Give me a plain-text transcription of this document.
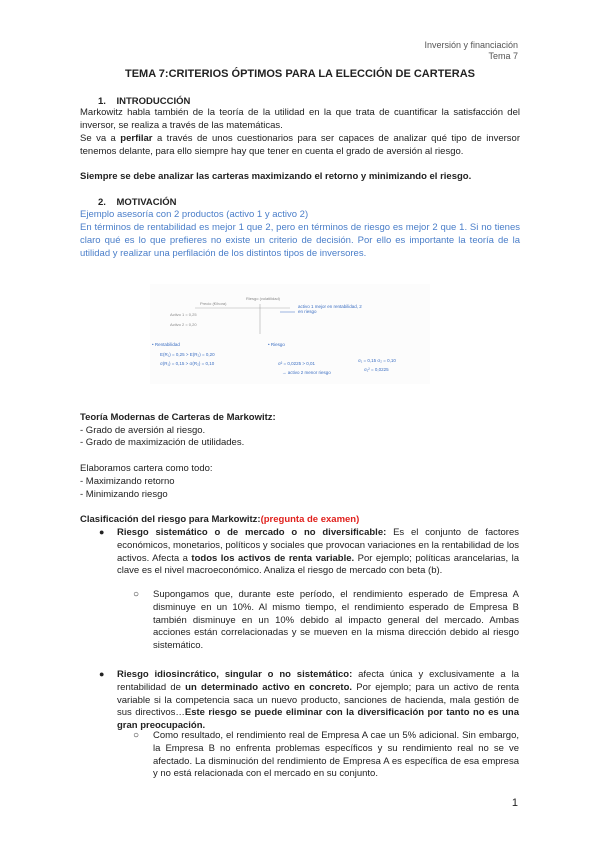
Inversión y financiación
Tema 7
TEMA 7:CRITERIOS ÓPTIMOS PARA LA ELECCIÓN DE CARTERAS
1.    INTRODUCCIÓN
Markowitz habla también de la teoría de la utilidad en la que trata de cuantificar la satisfacción del inversor, se realiza a través de las matemáticas.
Se va a perfilar a través de unos cuestionarios para ser capaces de analizar qué tipo de inversor tenemos delante, para ello siempre hay que tener en cuenta el grado de aversión al riesgo.
Siempre se debe analizar las carteras maximizando el retorno y minimizando el riesgo.
2.    MOTIVACIÓN
Ejemplo asesoría con 2 productos (activo 1 y activo 2)
En términos de rentabilidad es mejor 1 que 2, pero en términos de riesgo es mejor 2 que 1. Si no tienes claro qué es lo que prefieres no existe un criterio de decisión. Por ello es importante la teoría de la utilidad y realizar una perfilación de los distintos tipos de inversores.
Precio (€/hora)
Riesgo (volatilidad)
Activo 1 = 0,25
Activo 2 = 0,20
activo 1 mejor en rentabilidad, 2 en riesgo
• Rentabilidad
E(R₁) = 0,25 > E(R₂) = 0,20
σ(R₁) = 0,15 > σ(R₂) = 0,10
• Riesgo
σ² = 0,0225 > 0,01
→ activo 2 menor riesgo
σ₁ = 0,15 σ₂ = 0,10
σ₁² = 0,0225
Teoría Modernas de Carteras de Markowitz:
- Grado de aversión al riesgo.
- Grado de maximización de utilidades.
Elaboramos cartera como todo:
- Maximizando retorno
- Minimizando riesgo
Clasificación del riesgo para Markowitz:(pregunta de examen)
● Riesgo sistemático o de mercado o no diversificable: Es el conjunto de factores económicos, monetarios, políticos y sociales que provocan variaciones en la rentabilidad de los activos. Afecta a todos los activos de renta variable. Por ejemplo; políticas arancelarias, la clave es el nivel macroeconómico. Analiza el riesgo de mercado con beta (b).
○ Supongamos que, durante este período, el rendimiento esperado de Empresa A disminuye en un 10%. Al mismo tiempo, el rendimiento esperado de Empresa B también disminuye en un 10% debido al impacto general del mercado. Ambas acciones están correlacionadas y se mueven en la misma dirección debido al riesgo sistemático.
● Riesgo idiosincrático, singular o no sistemático: afecta única y exclusivamente a la rentabilidad de un determinado activo en concreto. Por ejemplo; para un activo de renta variable si la competencia saca un nuevo producto, sanciones de hacienda, mala gestión de sus directivos…Este riesgo se puede eliminar con la diversificación por tanto no es una gran preocupación.
○ Como resultado, el rendimiento real de Empresa A cae un 5% adicional. Sin embargo, la Empresa B no enfrenta problemas específicos y su rendimiento real no se ve afectado. La disminución del rendimiento de Empresa A es específica de esa empresa y no está relacionada con el mercado en su conjunto.
1
